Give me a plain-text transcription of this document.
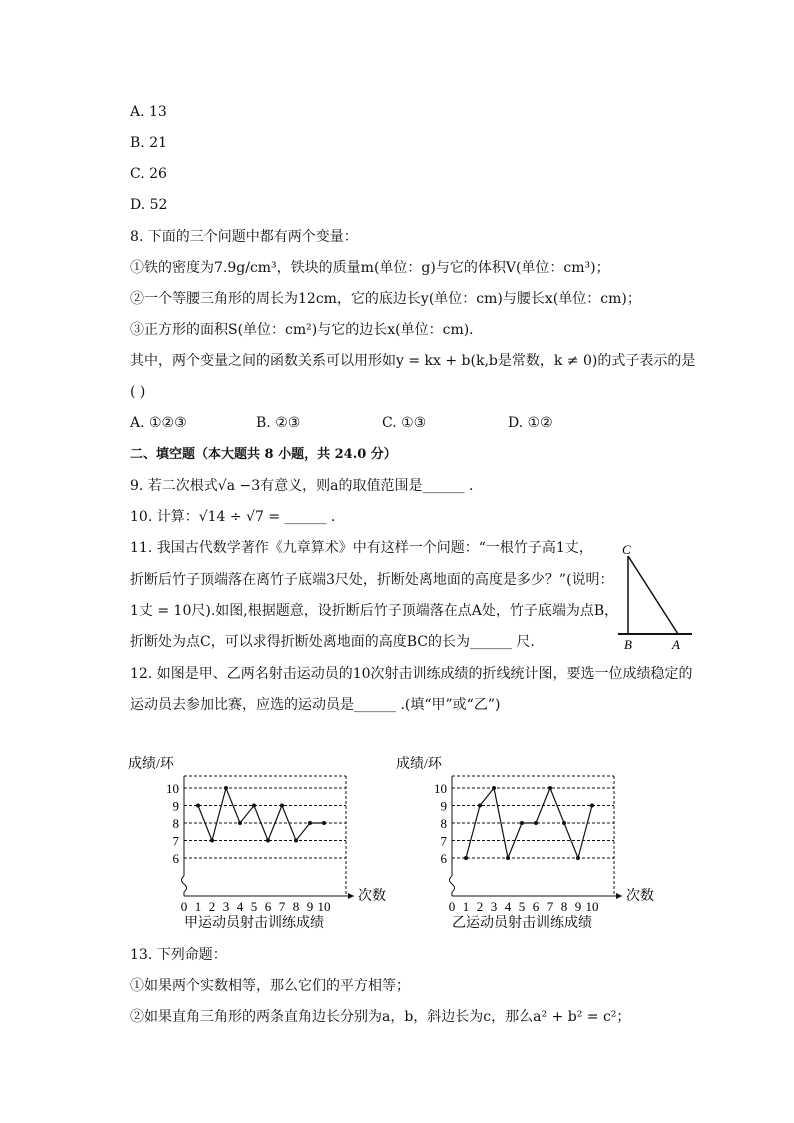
A. 13
B. 21
C. 26
D. 52
8. 下面的三个问题中都有两个变量：
①铁的密度为7.9g/cm³，铁块的质量m(单位：g)与它的体积V(单位：cm³)；
②一个等腰三角形的周长为12cm，它的底边长y(单位：cm)与腰长x(单位：cm)；
③正方形的面积S(单位：cm²)与它的边长x(单位：cm)．
其中，两个变量之间的函数关系可以用形如y = kx + b(k,b是常数，k ≠ 0)的式子表示的是
( )
A. ①②③	B. ②③	C. ①③	D. ①②
二、填空题（本大题共 8 小题，共 24.0 分）
9. 若二次根式√a −3有意义，则a的取值范围是______ ．
10. 计算：√14 ÷ √7 = ______ ．
11. 我国古代数学著作《九章算术》中有这样一个问题：“一根竹子高1丈，
折断后竹子顶端落在离竹子底端3尺处，折断处离地面的高度是多少？”(说明：
1丈 = 10尺).如图,根据题意，设折断后竹子顶端落在点A处，竹子底端为点B，
折断处为点C，可以求得折断处离地面的高度BC的长为______ 尺.
C
B	A
12. 如图是甲、乙两名射击运动员的10次射击训练成绩的折线统计图，要选一位成绩稳定的
运动员去参加比赛，应选的运动员是______ .(填“甲”或“乙”)
成绩/环
6
7
8
9
10
0 1 2 3 4 5 6 7 8 9 10
次数
甲运动员射击训练成绩
成绩/环
6
7
8
9
10
0 1 2 3 4 5 6 7 8 9 10
次数
乙运动员射击训练成绩
13. 下列命题：
①如果两个实数相等，那么它们的平方相等；
②如果直角三角形的两条直角边长分别为a，b，斜边长为c，那么a² + b² = c²；
